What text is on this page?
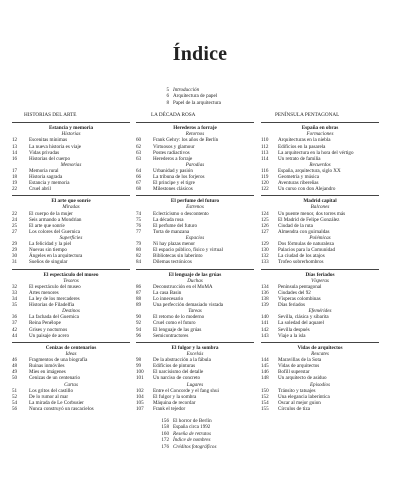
Índice
5 Introducción
6 Arquitectura de papel
8 Papel de la arquitectura
HISTORIAS DEL ARTE	LA DÉCADA ROSA	PENÍNSULA PENTAGONAL
Estancia y memoria
Historias
12	Escenitas mínimas
13	La nueva historia es viaje
14	Vidas privadas
16	Historias del cuerpo
Memorias
17	Memoria rural
18	Historia sagrada
19	Estancia y memoria
22	Cruel abril
El arte que sonríe
Miradas
22	El cuerpo de la mujer
24	Seis armando a Mondrian
25	El arte que sonríe
27	Los colores del Guernica
Superficies
29	La felicidad y la piel
29	Nuevas sin tiempo
30	Ángeles en la arquitectura
31	Sueños de singular
El espectáculo del museo
Tesoros
32	El espectáculo del museo
33	Artes menores
34	La ley de los mercaderes
35	Historias de Filadelfia
Destinos
36	La fachada del Guernica
37	Reina Penélope
42	Grises y nocturnos
44	Un paisaje de acero
Cenizas de centenarios
Ideas
46	Fragmentos de una biografía
48	Ruinas inmóviles
49	Mies en imágenes
50	Cenizas de un centenario
Cartas
51	Los gritos del castillo
52	De lo rumor al mar
54	La mirada de Le Corbusier
56	Nunca construyó un rascacielos
Herederos a forraje
Retornos
60	Frank Gehry: los años de Berlín
62	Virtuosos y glamour
63	Postes radiactivos
63	Herederos a forraje
Parodias
64	Urbanidad y pasión
66	La tribuna de los forjeros
67	El principe y el tigre
68	Milestones clásicos
El perfume del futuro
Estrenos
74	Eclecticismo o descontento
75	La década rosa
76	El perfume del futuro
77	Torta de manzana
Espacios
79	Ni hay plazas menor
80	El espacio público, físico y virtual
82	Bibliotecas sin laberinto
84	Dilemas tectónicos
El lenguaje de las grúas
Duchas
86	Deconstrucción en el MoMA
87	La casa Basin
88	Lo innecesario
89	Una perfección demasiado vistada
Tareas
90	El retorno de lo moderno
92	Cruel como el futuro
94	El lenguaje de las grúas
96	Semicontractores
El fulgor y la sombra
Excelsis
98	De la abstracción a la fábula
99	Edificios de pinturas
100	El narcisismo del detalle
101	Un narciso de concreto
Lugares
102	Entre el Concorde y el fang shui
104	El fulgor y la sombra
105	Máquina de recordar
107	Frank el tejedor
España en obras
Formaciones
110	Arquitecturas en la niebla
112	Edificios en la pasarela
113	La arquitectura en la hora del vértigo
114	Un retrato de familia
Recuerdos
116	España, arquitectura, siglo XX
119	Geometría y música
120	Aventuras ribereñas
122	Un curso con don Alejandro
Madrid capital
Balcones
124	Un puente menor, dos torres más
125	El Madrid de Felipe González
126	Ciudad de la ruta
127	Almendra con guirnaldas
Polémicas
129	Dos fórmulas de naturaleza
130	Palacios para la Comunidad
132	La ciudad de los atajos
133	Trofeo sobrerhombros
Días feriados
Vísperas
134	Península pentagonal
136	Ciudades del 92
138	Vísperas colombinas
139	Días feriados
Efemérides
140	Sevilla, clásica y sibarita
141	La soledad del aquarel
142	Sevilla después
143	Viaje a la isla
Vidas de arquitectos
Rescates
144	Maravillas de la Sota
145	Vidas de arquitectos
146	Bofill superstar
148	Un arquitecto de asiduo
Episodios
150	Tránsito y tatuajes
152	Una elegancia laberíntica
154	Oscar al mejor guion
155	Círculos de tiza
156 El horror de Berlín
158 España circa 1992
160 Reseña de retratos
172 Índice de nombres
176 Créditos fotográficos
